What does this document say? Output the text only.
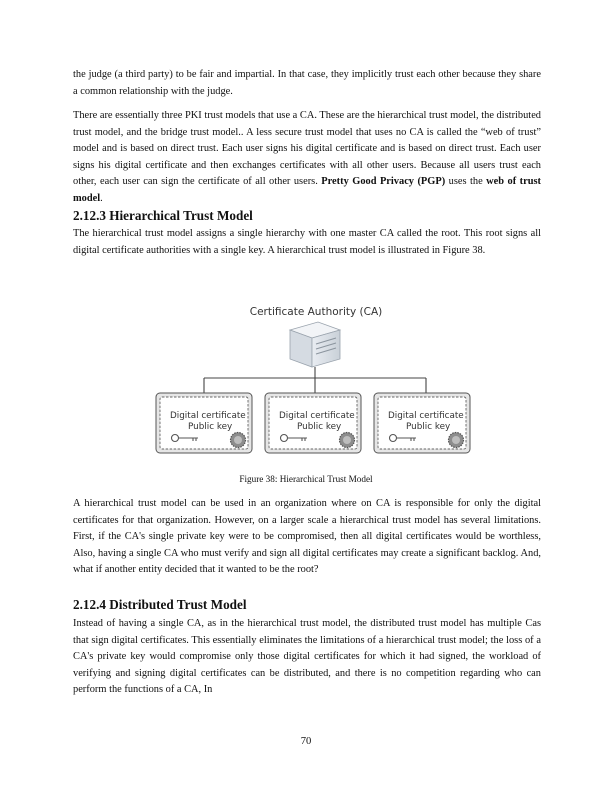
the judge (a third party) to be fair and impartial. In that case, they implicitly trust each other because they share a common relationship with the judge.

There are essentially three PKI trust models that use a CA. These are the hierarchical trust model, the distributed trust model, and the bridge trust model.. A less secure trust model that uses no CA is called the “web of trust” model and is based on direct trust. Each user signs his digital certificate and is based on direct trust. Each user signs his digital certificate and then exchanges certificates with all other users. Because all users trust each other, each user can sign the certificate of all other users. Pretty Good Privacy (PGP) uses the web of trust model.

2.12.3 Hierarchical Trust Model

The hierarchical trust model assigns a single hierarchy with one master CA called the root. This root signs all digital certificate authorities with a single key. A hierarchical trust model is illustrated in Figure 38.

Certificate Authority (CA)
Digital certificate
Public key
Digital certificate
Public key
Digital certificate
Public key
Figure 38: Hierarchical Trust Model

A hierarchical trust model can be used in an organization where on CA is responsible for only the digital certificates for that organization. However, on a larger scale a hierarchical trust model has several limitations. First, if the CA's single private key were to be compromised, then all digital certificates would be worthless, Also, having a single CA who must verify and sign all digital certificates may create a significant backlog. And, what if another entity decided that it wanted to be the root?

2.12.4 Distributed Trust Model

Instead of having a single CA, as in the hierarchical trust model, the distributed trust model has multiple Cas that sign digital certificates. This essentially eliminates the limitations of a hierarchical trust model; the loss of a CA's private key would compromise only those digital certificates for which it had signed, the workload of verifying and signing digital certificates can be distributed, and there is no competition regarding who can perform the functions of a CA, In

70
